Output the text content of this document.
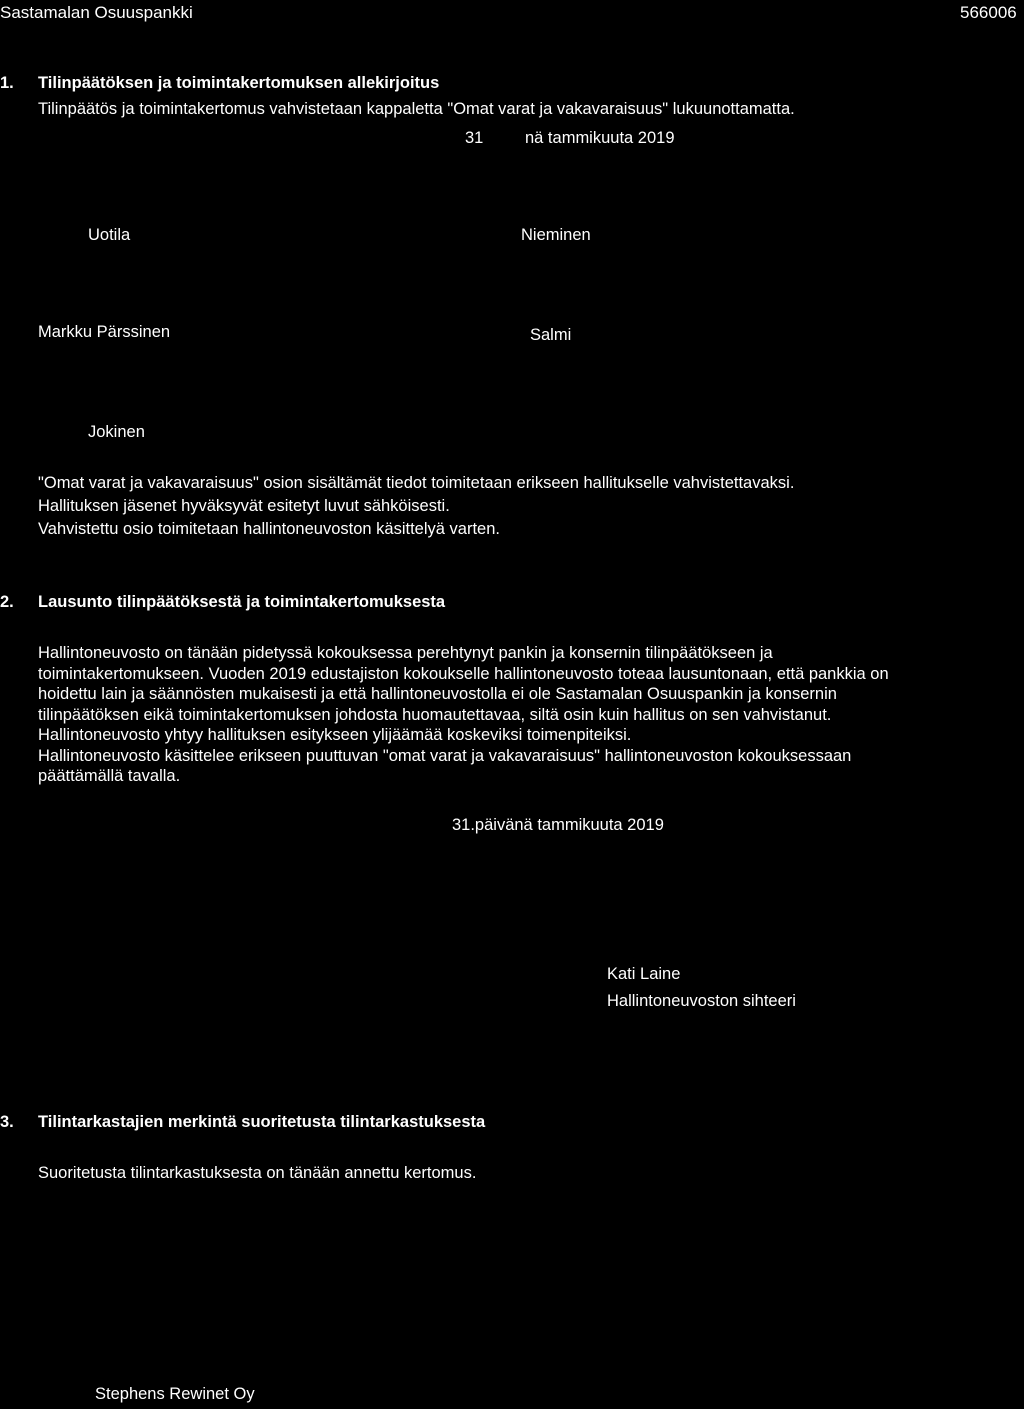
Sastamalan Osuuspankki	566006
1. Tilinpäätöksen ja toimintakertomuksen allekirjoitus
Tilinpäätös ja toimintakertomus vahvistetaan kappaletta "Omat varat ja vakavaraisuus" lukuunottamatta.
31	nä tammikuuta 2019
Uotila	Nieminen
Markku Pärssinen	Salmi
Jokinen
"Omat varat ja vakavaraisuus" osion sisältämät tiedot toimitetaan erikseen hallitukselle vahvistettavaksi.
Hallituksen jäsenet hyväksyvät esitetyt luvut sähköisesti.
Vahvistettu osio toimitetaan hallintoneuvoston käsittelyä varten.
2. Lausunto tilinpäätöksestä ja toimintakertomuksesta
Hallintoneuvosto on tänään pidetyssä kokouksessa perehtynyt pankin ja konsernin tilinpäätökseen ja
toimintakertomukseen. Vuoden 2019 edustajiston kokoukselle hallintoneuvosto toteaa lausuntonaan, että pankkia on
hoidettu lain ja säännösten mukaisesti ja että hallintoneuvostolla ei ole Sastamalan Osuuspankin ja konsernin
tilinpäätöksen eikä toimintakertomuksen johdosta huomautettavaa, siltä osin kuin hallitus on sen vahvistanut.
Hallintoneuvosto yhtyy hallituksen esitykseen ylijäämää koskeviksi toimenpiteiksi.
Hallintoneuvosto käsittelee erikseen puuttuvan "omat varat ja vakavaraisuus" hallintoneuvoston kokouksessaan
päättämällä tavalla.
31.päivänä tammikuuta 2019
Kati Laine
Hallintoneuvoston sihteeri
3. Tilintarkastajien merkintä suoritetusta tilintarkastuksesta
Suoritetusta tilintarkastuksesta on tänään annettu kertomus.
Stephens Rewinet Oy
